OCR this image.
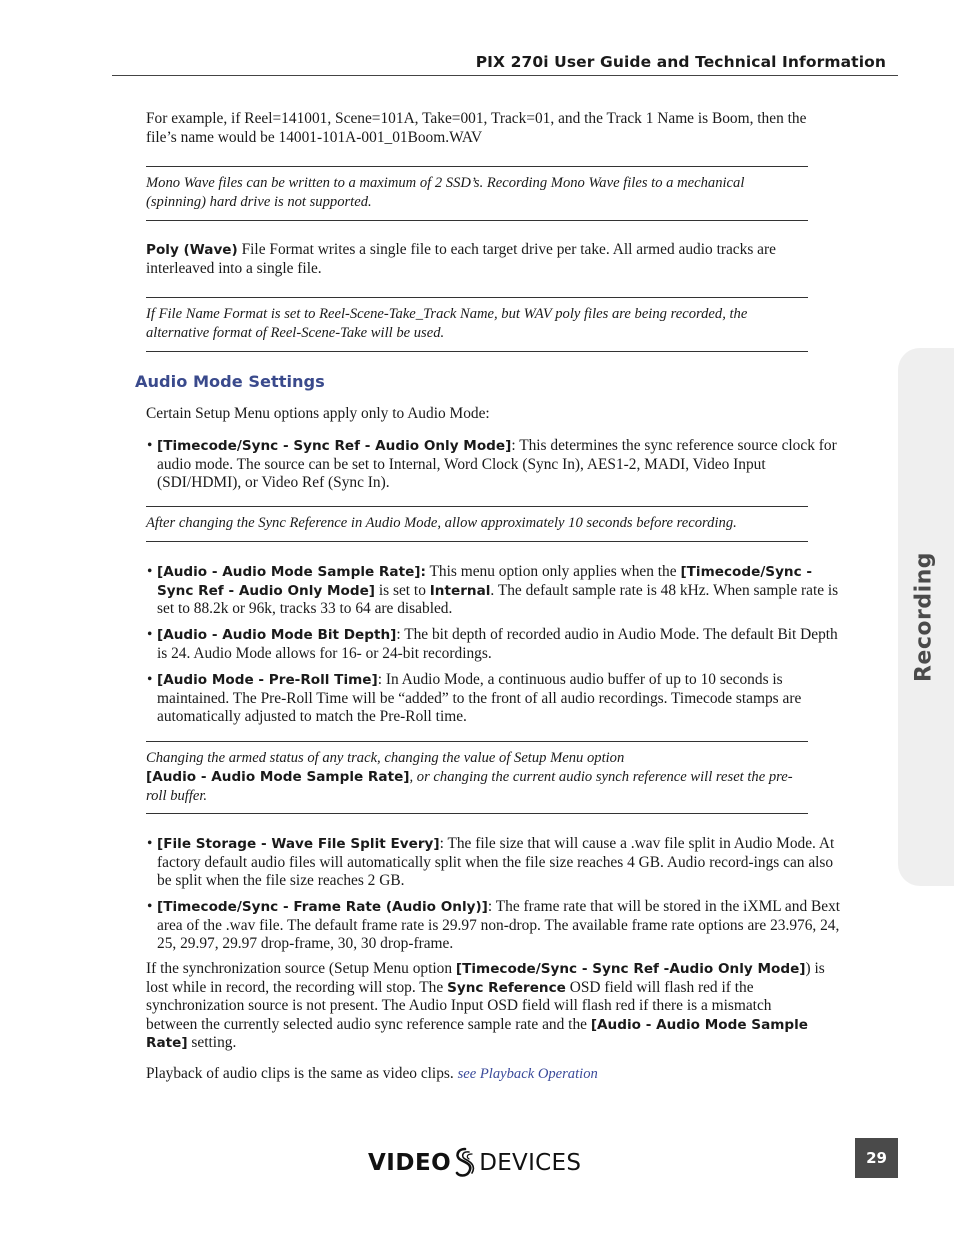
PIX 270i User Guide and Technical Information
For example, if Reel=141001, Scene=101A, Take=001, Track=01, and the Track 1 Name is Boom, then the file’s name would be 14001-101A-001_01Boom.WAV
Mono Wave files can be written to a maximum of 2 SSD’s. Recording Mono Wave files to a mechanical (spinning) hard drive is not supported.
Poly (Wave) File Format writes a single file to each target drive per take. All armed audio tracks are interleaved into a single file.
If File Name Format is set to Reel-Scene-Take_Track Name, but WAV poly files are being recorded, the alternative format of Reel-Scene-Take will be used.
Audio Mode Settings
Certain Setup Menu options apply only to Audio Mode:
• [Timecode/Sync - Sync Ref - Audio Only Mode]: This determines the sync reference source clock for audio mode. The source can be set to Internal, Word Clock (Sync In), AES1-2, MADI, Video Input (SDI/HDMI), or Video Ref (Sync In).
After changing the Sync Reference in Audio Mode, allow approximately 10 seconds before recording.
• [Audio - Audio Mode Sample Rate]: This menu option only applies when the [Timecode/Sync - Sync Ref - Audio Only Mode] is set to Internal. The default sample rate is 48 kHz. When sample rate is set to 88.2k or 96k, tracks 33 to 64 are disabled.
• [Audio - Audio Mode Bit Depth]: The bit depth of recorded audio in Audio Mode. The default Bit Depth is 24. Audio Mode allows for 16- or 24-bit recordings.
• [Audio Mode - Pre-Roll Time]: In Audio Mode, a continuous audio buffer of up to 10 seconds is maintained. The Pre-Roll Time will be “added” to the front of all audio recordings. Timecode stamps are automatically adjusted to match the Pre-Roll time.
Changing the armed status of any track, changing the value of Setup Menu option
[Audio - Audio Mode Sample Rate], or changing the current audio synch reference will reset the pre-roll buffer.
• [File Storage - Wave File Split Every]: The file size that will cause a .wav file split in Audio Mode. At factory default audio files will automatically split when the file size reaches 4 GB. Audio record-ings can also be split when the file size reaches 2 GB.
• [Timecode/Sync - Frame Rate (Audio Only)]: The frame rate that will be stored in the iXML and Bext area of the .wav file. The default frame rate is 29.97 non-drop. The available frame rate options are 23.976, 24, 25, 29.97, 29.97 drop-frame, 30, 30 drop-frame.
If the synchronization source (Setup Menu option [Timecode/Sync - Sync Ref -Audio Only Mode]) is lost while in record, the recording will stop. The Sync Reference OSD field will flash red if the synchronization source is not present. The Audio Input OSD field will flash red if there is a mismatch between the currently selected audio sync reference sample rate and the [Audio - Audio Mode Sample Rate] setting.
Playback of audio clips is the same as video clips. see Playback Operation
Recording
VIDEO DEVICES	29
